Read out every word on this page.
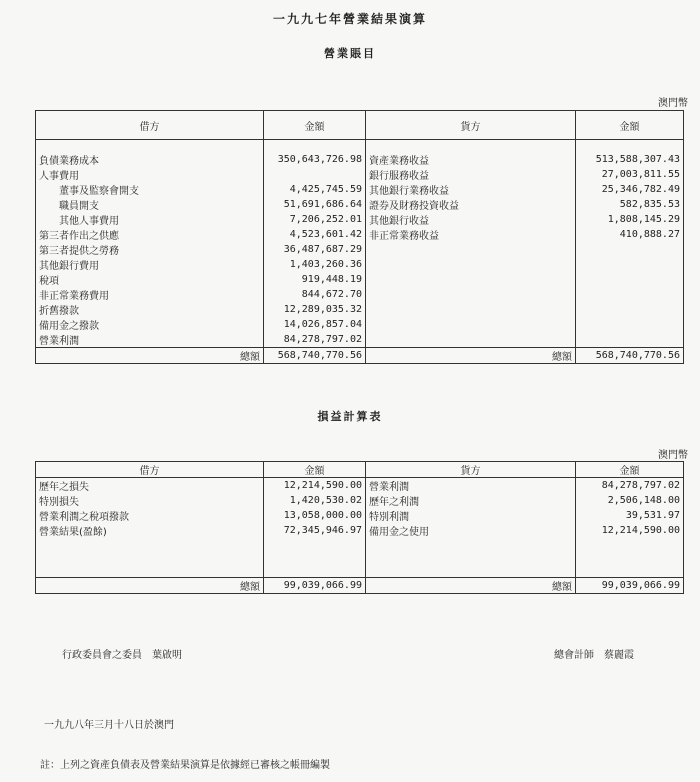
一九九七年營業結果演算
營業賬目
澳門幣
借方	金額	貨方	金額

負債業務成本	350,643,726.98	資產業務收益	513,588,307.43
人事費用		銀行服務收益	27,003,811.55
董事及監察會開支	4,425,745.59	其他銀行業務收益	25,346,782.49
職員開支	51,691,686.64	證券及財務投資收益	582,835.53
其他人事費用	7,206,252.01	其他銀行收益	1,808,145.29
第三者作出之供應	4,523,601.42	非正常業務收益	410,888.27
第三者提供之勞務	36,487,687.29		
其他銀行費用	1,403,260.36		
稅項	919,448.19		
非正常業務費用	844,672.70		
折舊撥款	12,289,035.32		
備用金之撥款	14,026,857.04		
營業利潤	84,278,797.02		
總額	568,740,770.56	總額	568,740,770.56
損益計算表
澳門幣
借方	金額	貨方	金額
歷年之損失	12,214,590.00	營業利潤	84,278,797.02
特別損失	1,420,530.02	歷年之利潤	2,506,148.00
營業利潤之稅項撥款	13,058,000.00	特別利潤	39,531.97
營業結果(盈餘)	72,345,946.97	備用金之使用	12,214,590.00

總額	99,039,066.99	總額	99,039,066.99
行政委員會之委員　葉啟明	總會計師　蔡麗霞
一九九八年三月十八日於澳門
註：上列之資產負債表及營業結果演算是依據經已審核之帳冊編製
